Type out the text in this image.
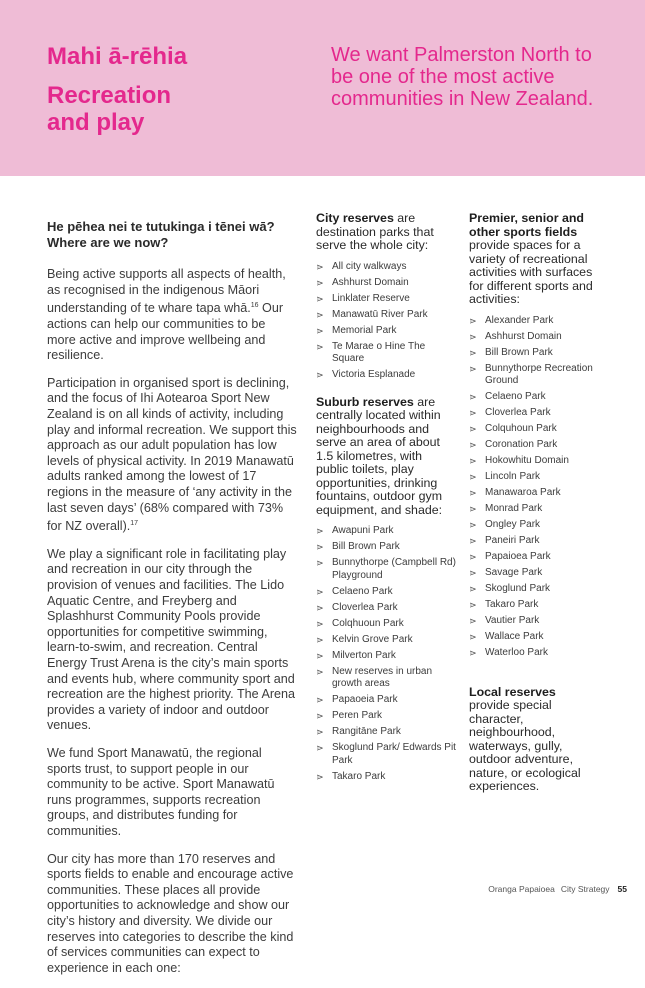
Mahi ā-rēhia

Recreation

and play

We want Palmerston North to be one of the most active communities in New Zealand.

He pēhea nei te tutukinga i tēnei wā?
Where are we now?

Being active supports all aspects of health, as recognised in the indigenous Māori understanding of te whare tapa whā.$^{16}$ Our actions can help our communities to be more active and improve wellbeing and resilience.

Participation in organised sport is declining, and the focus of Ihi Aotearoa Sport New Zealand is on all kinds of activity, including play and informal recreation. We support this approach as our adult population has low levels of physical activity. In 2019 Manawatū adults ranked among the lowest of 17 regions in the measure of ‘any activity in the last seven days’ (68% compared with 73% for NZ overall).$^{17}$

We play a significant role in facilitating play and recreation in our city through the provision of venues and facilities. The Lido Aquatic Centre, and Freyberg and Splashhurst Community Pools provide opportunities for competitive swimming, learn-to-swim, and recreation. Central Energy Trust Arena is the city’s main sports and events hub, where community sport and recreation are the highest priority. The Arena provides a variety of indoor and outdoor venues.

We fund Sport Manawatū, the regional sports trust, to support people in our community to be active. Sport Manawatū runs programmes, supports recreation groups, and distributes funding for communities.

Our city has more than 170 reserves and sports fields to enable and encourage active communities. These places all provide opportunities to acknowledge and show our city’s history and diversity. We divide our reserves into categories to describe the kind of services communities can expect to experience in each one:

City reserves are destination parks that serve the whole city:

⋗ All city walkways
⋗ Ashhurst Domain
⋗ Linklater Reserve
⋗ Manawatū River Park
⋗ Memorial Park
⋗ Te Marae o Hine The Square
⋗ Victoria Esplanade

Suburb reserves are centrally located within neighbourhoods and serve an area of about 1.5 kilometres, with public toilets, play opportunities, drinking fountains, outdoor gym equipment, and shade:

⋗ Awapuni Park
⋗ Bill Brown Park
⋗ Bunnythorpe (Campbell Rd) Playground
⋗ Celaeno Park
⋗ Cloverlea Park
⋗ Colqhuoun Park
⋗ Kelvin Grove Park
⋗ Milverton Park
⋗ New reserves in urban growth areas
⋗ Papaoeia Park
⋗ Peren Park
⋗ Rangitāne Park
⋗ Skoglund Park/ Edwards Pit Park
⋗ Takaro Park

Premier, senior and other sports fields provide spaces for a variety of recreational activities with surfaces for different sports and activities:

⋗ Alexander Park
⋗ Ashhurst Domain
⋗ Bill Brown Park
⋗ Bunnythorpe Recreation Ground
⋗ Celaeno Park
⋗ Cloverlea Park
⋗ Colquhoun Park
⋗ Coronation Park
⋗ Hokowhitu Domain
⋗ Lincoln Park
⋗ Manawaroa Park
⋗ Monrad Park
⋗ Ongley Park
⋗ Paneiri Park
⋗ Papaioea Park
⋗ Savage Park
⋗ Skoglund Park
⋗ Takaro Park
⋗ Vautier Park
⋗ Wallace Park
⋗ Waterloo Park

Local reserves provide special character, neighbourhood, waterways, gully, outdoor adventure, nature, or ecological experiences.

Oranga Papaioea City Strategy 55
